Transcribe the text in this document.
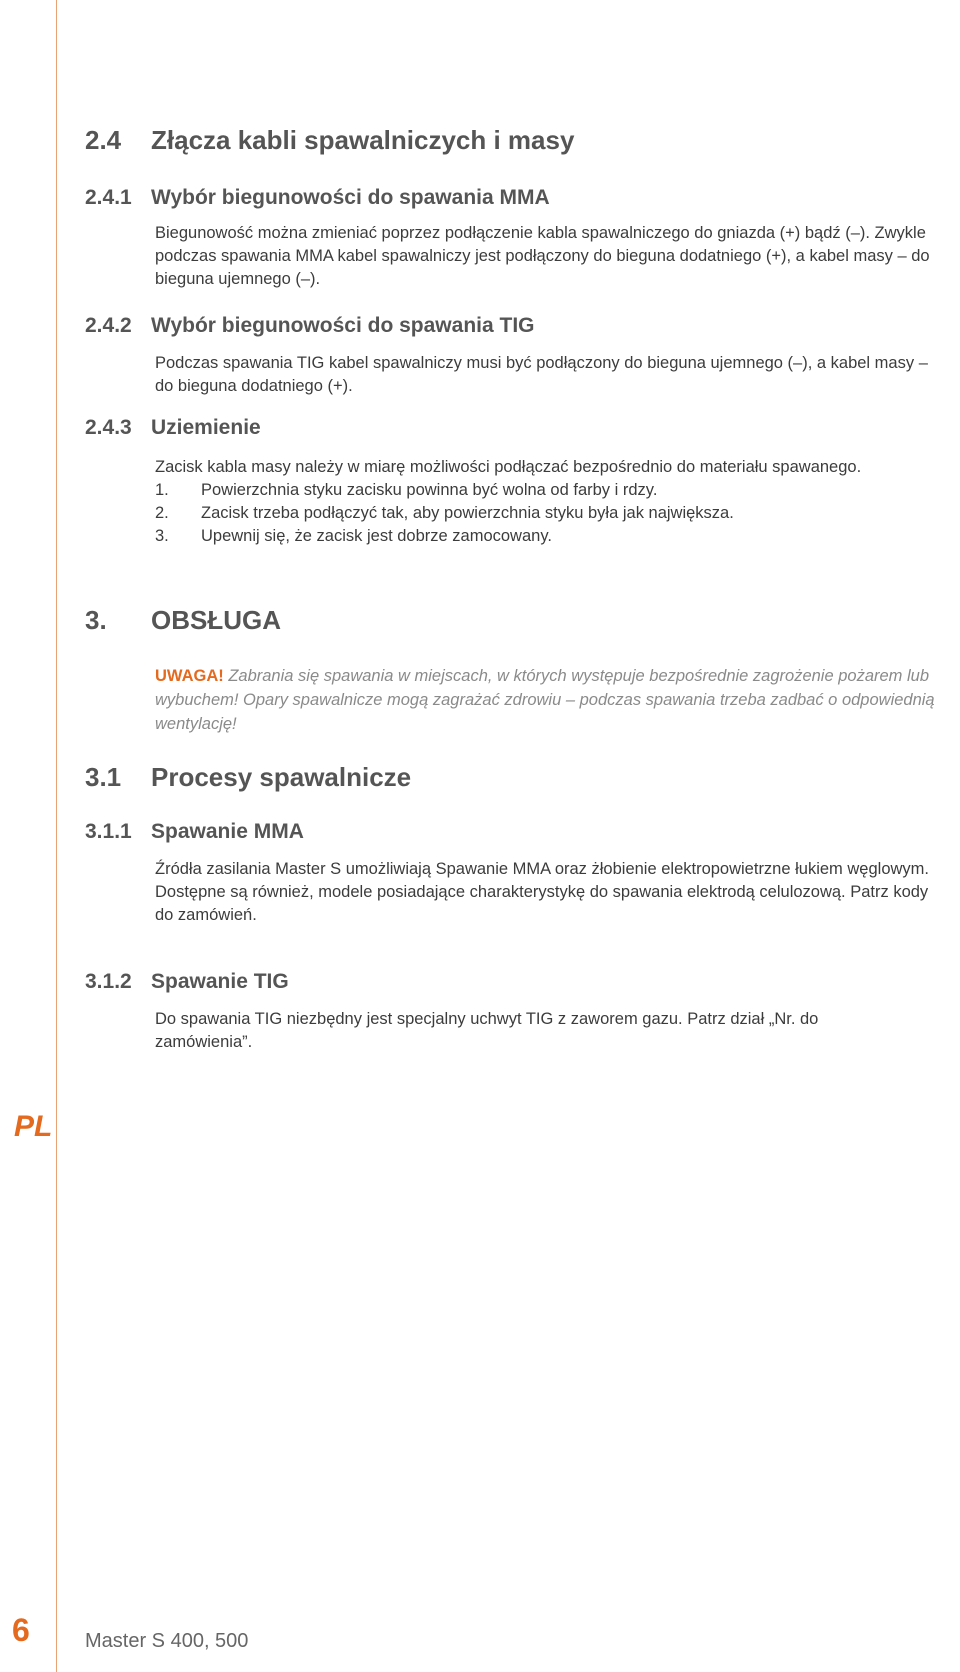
2.4 Złącza kabli spawalniczych i masy
2.4.1 Wybór biegunowości do spawania MMA

Biegunowość można zmieniać poprzez podłączenie kabla spawalniczego do gniazda (+) bądź (–). Zwykle podczas spawania MMA kabel spawalniczy jest podłączony do bieguna dodatniego (+), a kabel masy – do bieguna ujemnego (–).

2.4.2 Wybór biegunowości do spawania TIG

Podczas spawania TIG kabel spawalniczy musi być podłączony do bieguna ujemnego (–), a kabel masy – do bieguna dodatniego (+).

2.4.3 Uziemienie

Zacisk kabla masy należy w miarę możliwości podłączać bezpośrednio do materiału spawanego.

1.	Powierzchnia styku zacisku powinna być wolna od farby i rdzy.
2.	Zacisk trzeba podłączyć tak, aby powierzchnia styku była jak największa.
3.	Upewnij się, że zacisk jest dobrze zamocowany.
3. OBSŁUGA
UWAGA! Zabrania się spawania w miejscach, w których występuje bezpośrednie zagrożenie pożarem lub wybuchem! Opary spawalnicze mogą zagrażać zdrowiu – podczas spawania trzeba zadbać o odpowiednią wentylację!
3.1 Procesy spawalnicze
3.1.1 Spawanie MMA

Źródła zasilania Master S umożliwiają Spawanie MMA oraz żłobienie elektropowietrzne łukiem węglowym.

Dostępne są również, modele posiadające charakterystykę do spawania elektrodą celulozową. Patrz kody do zamówień.

3.1.2 Spawanie TIG

Do spawania TIG niezbędny jest specjalny uchwyt TIG z zaworem gazu. Patrz dział „Nr. do zamówienia”.

PL
6	Master S 400, 500
